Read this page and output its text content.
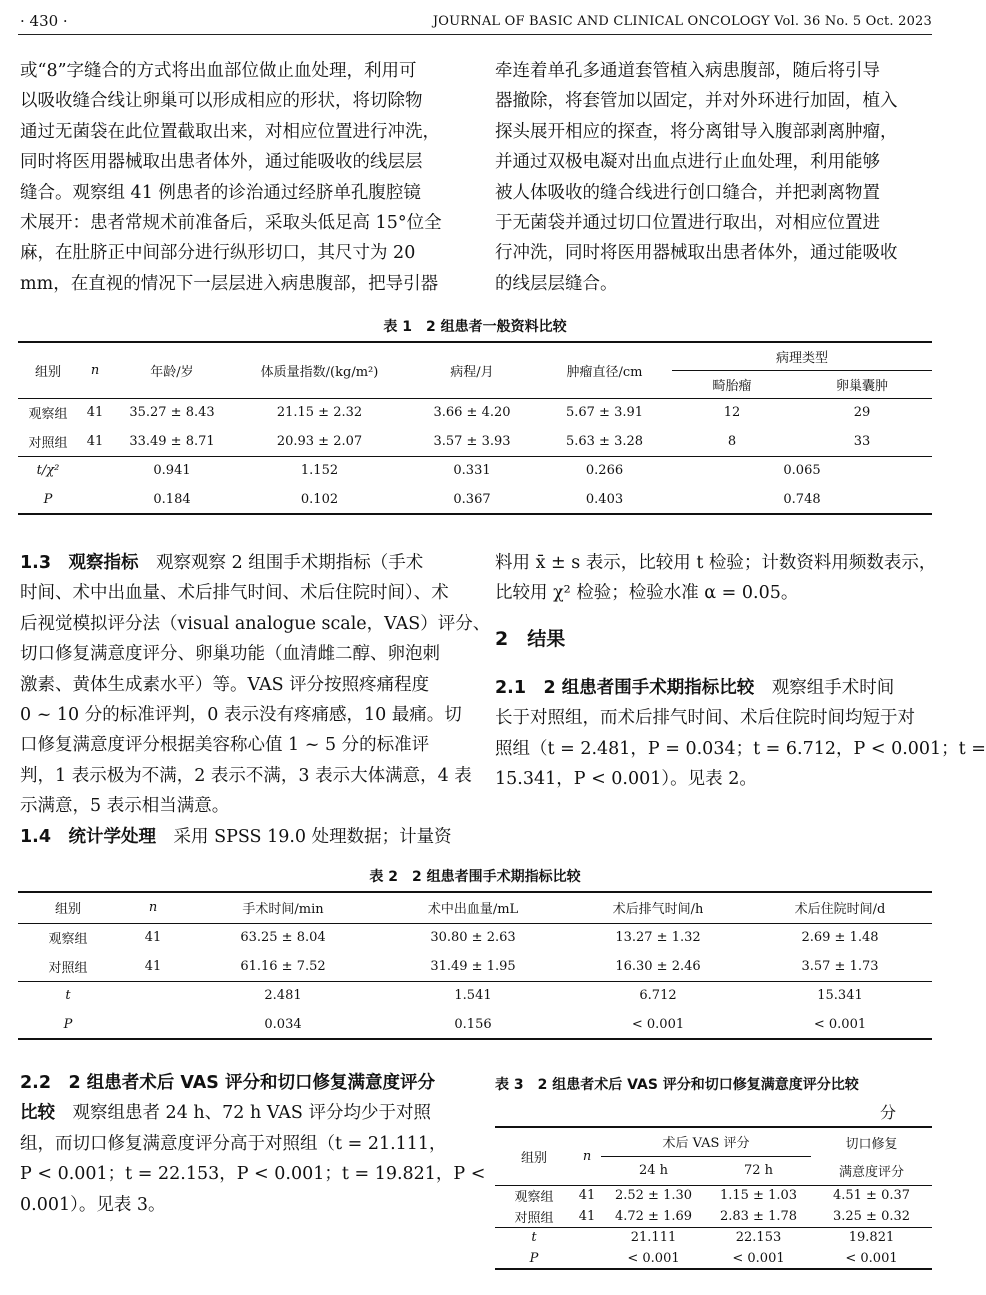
· 430 ·	JOURNAL OF BASIC AND CLINICAL ONCOLOGY Vol. 36 No. 5 Oct. 2023
或“8”字缝合的方式将出血部位做止血处理，利用可
以吸收缝合线让卵巢可以形成相应的形状，将切除物
通过无菌袋在此位置截取出来，对相应位置进行冲洗，
同时将医用器械取出患者体外，通过能吸收的线层层
缝合。观察组 41 例患者的诊治通过经脐单孔腹腔镜
术展开：患者常规术前准备后，采取头低足高 15°位全
麻，在肚脐正中间部分进行纵形切口，其尺寸为 20
mm，在直视的情况下一层层进入病患腹部，把导引器
牵连着单孔多通道套管植入病患腹部，随后将引导
器撤除，将套管加以固定，并对外环进行加固，植入
探头展开相应的探查，将分离钳导入腹部剥离肿瘤，
并通过双极电凝对出血点进行止血处理，利用能够
被人体吸收的缝合线进行创口缝合，并把剥离物置
于无菌袋并通过切口位置进行取出，对相应位置进
行冲洗，同时将医用器械取出患者体外，通过能吸收
的线层层缝合。
表 1　2 组患者一般资料比较
组别	n	年龄/岁	体质量指数/(kg/m²)	病程/月	肿瘤直径/cm	病理类型	
						畸胎瘤	卵巢囊肿
观察组	41	35.27 ± 8.43	21.15 ± 2.32	3.66 ± 4.20	5.67 ± 3.91	12	29
对照组	41	33.49 ± 8.71	20.93 ± 2.07	3.57 ± 3.93	5.63 ± 3.28	8	33
t/χ²		0.941	1.152	0.331	0.266	0.065	
P		0.184	0.102	0.367	0.403	0.748	
1.3　观察指标　 观察观察 2 组围手术期指标（手术
时间、术中出血量、术后排气时间、术后住院时间）、术
后视觉模拟评分法（visual analogue scale，VAS）评分、
切口修复满意度评分、卵巢功能（血清雌二醇、卵泡刺
激素、黄体生成素水平）等。VAS 评分按照疼痛程度
0 ~ 10 分的标准评判，0 表示没有疼痛感，10 最痛。切
口修复满意度评分根据美容称心值 1 ~ 5 分的标准评
判，1 表示极为不满，2 表示不满，3 表示大体满意，4 表
示满意，5 表示相当满意。
1.4　统计学处理　 采用 SPSS 19.0 处理数据；计量资
料用 x̄ ± s 表示，比较用 t 检验；计数资料用频数表示，
比较用 χ² 检验；检验水准 α = 0.05。
2　结果
2.1　2 组患者围手术期指标比较　 观察组手术时间
长于对照组，而术后排气时间、术后住院时间均短于对
照组（t = 2.481，P = 0.034；t = 6.712，P < 0.001；t =
15.341，P < 0.001）。见表 2。
表 2　2 组患者围手术期指标比较
组别	n	手术时间/min	术中出血量/mL	术后排气时间/h	术后住院时间/d
观察组	41	63.25 ± 8.04	30.80 ± 2.63	13.27 ± 1.32	2.69 ± 1.48
对照组	41	61.16 ± 7.52	31.49 ± 1.95	16.30 ± 2.46	3.57 ± 1.73
t		2.481	1.541	6.712	15.341
P		0.034	0.156	< 0.001	< 0.001
2.2　2 组患者术后 VAS 评分和切口修复满意度评分
比较　 观察组患者 24 h、72 h VAS 评分均少于对照
组，而切口修复满意度评分高于对照组（t = 21.111，
P < 0.001；t = 22.153，P < 0.001；t = 19.821，P <
0.001）。见表 3。
表 3　2 组患者术后 VAS 评分和切口修复满意度评分比较
分
组别	n	术后 VAS 评分		切口修复
		24 h	72 h	满意度评分
观察组	41	2.52 ± 1.30	1.15 ± 1.03	4.51 ± 0.37
对照组	41	4.72 ± 1.69	2.83 ± 1.78	3.25 ± 0.32
t		21.111	22.153	19.821
P		< 0.001	< 0.001	< 0.001
